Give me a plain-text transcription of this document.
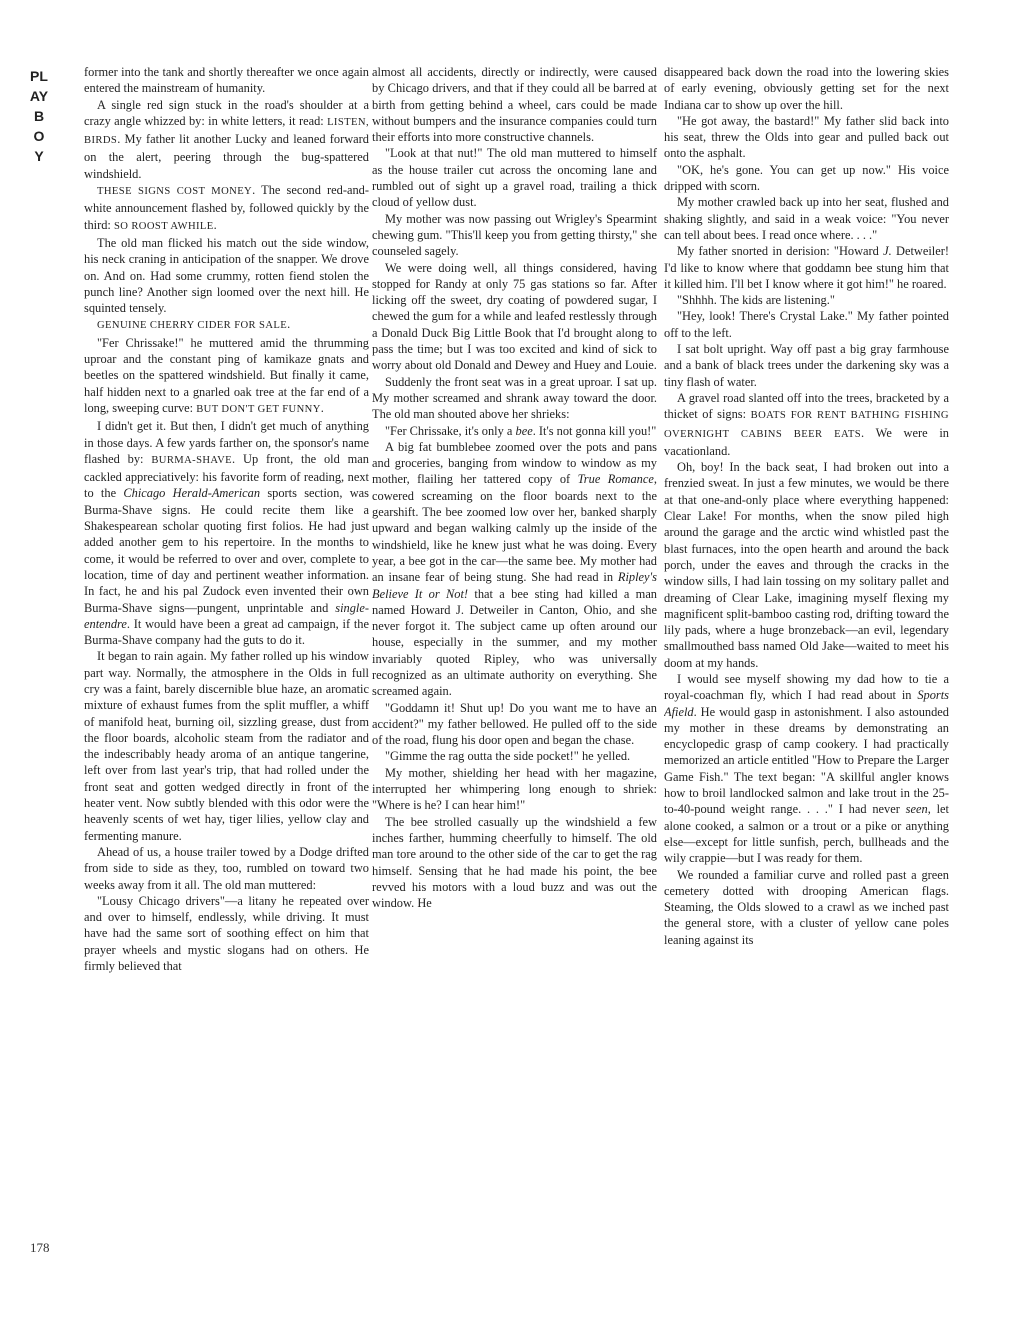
PLAYBOY

former into the tank and shortly thereafter we once again entered the mainstream of humanity.

A single red sign stuck in the road's shoulder at a crazy angle whizzed by: in white letters, it read: LISTEN, BIRDS. My father lit another Lucky and leaned forward on the alert, peering through the bug-spattered windshield.

THESE SIGNS COST MONEY. The second red-and-white announcement flashed by, followed quickly by the third: SO ROOST AWHILE.

The old man flicked his match out the side window, his neck craning in anticipation of the snapper. We drove on. And on. Had some crummy, rotten fiend stolen the punch line? Another sign loomed over the next hill. He squinted tensely.

GENUINE CHERRY CIDER FOR SALE.

"Fer Chrissake!" he muttered amid the thrumming uproar and the constant ping of kamikaze gnats and beetles on the spattered windshield. But finally it came, half hidden next to a gnarled oak tree at the far end of a long, sweeping curve: BUT DON'T GET FUNNY.

I didn't get it. But then, I didn't get much of anything in those days. A few yards farther on, the sponsor's name flashed by: BURMA-SHAVE. Up front, the old man cackled appreciatively: his favorite form of reading, next to the Chicago Herald-American sports section, was Burma-Shave signs. He could recite them like a Shakespearean scholar quoting first folios. He had just added another gem to his repertoire. In the months to come, it would be referred to over and over, complete to location, time of day and pertinent weather information. In fact, he and his pal Zudock even invented their own Burma-Shave signs—pungent, unprintable and single-entendre. It would have been a great ad campaign, if the Burma-Shave company had the guts to do it.

It began to rain again. My father rolled up his window part way. Normally, the atmosphere in the Olds in full cry was a faint, barely discernible blue haze, an aromatic mixture of exhaust fumes from the split muffler, a whiff of manifold heat, burning oil, sizzling grease, dust from the floor boards, alcoholic steam from the radiator and the indescribably heady aroma of an antique tangerine, left over from last year's trip, that had rolled under the front seat and gotten wedged directly in front of the heater vent. Now subtly blended with this odor were the heavenly scents of wet hay, tiger lilies, yellow clay and fermenting manure.

Ahead of us, a house trailer towed by a Dodge drifted from side to side as they, too, rumbled on toward two weeks away from it all. The old man muttered:

"Lousy Chicago drivers"—a litany he repeated over and over to himself, endlessly, while driving. It must have had the same sort of soothing effect on him that prayer wheels and mystic slogans had on others. He firmly believed that

almost all accidents, directly or indirectly, were caused by Chicago drivers, and that if they could all be barred at birth from getting behind a wheel, cars could be made without bumpers and the insurance companies could turn their efforts into more constructive channels.

"Look at that nut!" The old man muttered to himself as the house trailer cut across the oncoming lane and rumbled out of sight up a gravel road, trailing a thick cloud of yellow dust.

My mother was now passing out Wrigley's Spearmint chewing gum. "This'll keep you from getting thirsty," she counseled sagely.

We were doing well, all things considered, having stopped for Randy at only 75 gas stations so far. After licking off the sweet, dry coating of powdered sugar, I chewed the gum for a while and leafed restlessly through a Donald Duck Big Little Book that I'd brought along to pass the time; but I was too excited and kind of sick to worry about old Donald and Dewey and Huey and Louie.

Suddenly the front seat was in a great uproar. I sat up. My mother screamed and shrank away toward the door. The old man shouted above her shrieks:

"Fer Chrissake, it's only a bee. It's not gonna kill you!"

A big fat bumblebee zoomed over the pots and pans and groceries, banging from window to window as my mother, flailing her tattered copy of True Romance, cowered screaming on the floor boards next to the gearshift. The bee zoomed low over her, banked sharply upward and began walking calmly up the inside of the windshield, like he knew just what he was doing. Every year, a bee got in the car—the same bee. My mother had an insane fear of being stung. She had read in Ripley's Believe It or Not! that a bee sting had killed a man named Howard J. Detweiler in Canton, Ohio, and she never forgot it. The subject came up often around our house, especially in the summer, and my mother invariably quoted Ripley, who was universally recognized as an ultimate authority on everything. She screamed again.

"Goddamn it! Shut up! Do you want me to have an accident?" my father bellowed. He pulled off to the side of the road, flung his door open and began the chase.

"Gimme the rag outta the side pocket!" he yelled.

My mother, shielding her head with her magazine, interrupted her whimpering long enough to shriek: "Where is he? I can hear him!"

The bee strolled casually up the windshield a few inches farther, humming cheerfully to himself. The old man tore around to the other side of the car to get the rag himself. Sensing that he had made his point, the bee revved his motors with a loud buzz and was out the window. He

disappeared back down the road into the lowering skies of early evening, obviously getting set for the next Indiana car to show up over the hill.

"He got away, the bastard!" My father slid back into his seat, threw the Olds into gear and pulled back out onto the asphalt.

"OK, he's gone. You can get up now." His voice dripped with scorn.

My mother crawled back up into her seat, flushed and shaking slightly, and said in a weak voice: "You never can tell about bees. I read once where. . . ."

My father snorted in derision: "Howard J. Detweiler! I'd like to know where that goddamn bee stung him that it killed him. I'll bet I know where it got him!" he roared.

"Shhhh. The kids are listening."

"Hey, look! There's Crystal Lake." My father pointed off to the left.

I sat bolt upright. Way off past a big gray farmhouse and a bank of black trees under the darkening sky was a tiny flash of water.

A gravel road slanted off into the trees, bracketed by a thicket of signs: BOATS FOR RENT BATHING FISHING OVERNIGHT CABINS BEER EATS. We were in vacationland.

Oh, boy! In the back seat, I had broken out into a frenzied sweat. In just a few minutes, we would be there at that one-and-only place where everything happened: Clear Lake! For months, when the snow piled high around the garage and the arctic wind whistled past the blast furnaces, into the open hearth and around the back porch, under the eaves and through the cracks in the window sills, I had lain tossing on my solitary pallet and dreaming of Clear Lake, imagining myself flexing my magnificent split-bamboo casting rod, drifting toward the lily pads, where a huge bronzeback—an evil, legendary smallmouthed bass named Old Jake—waited to meet his doom at my hands.

I would see myself showing my dad how to tie a royal-coachman fly, which I had read about in Sports Afield. He would gasp in astonishment. I also astounded my mother in these dreams by demonstrating an encyclopedic grasp of camp cookery. I had practically memorized an article entitled "How to Prepare the Larger Game Fish." The text began: "A skillful angler knows how to broil landlocked salmon and lake trout in the 25-to-40-pound weight range. . . ." I had never seen, let alone cooked, a salmon or a trout or a pike or anything else—except for little sunfish, perch, bullheads and the wily crappie—but I was ready for them.

We rounded a familiar curve and rolled past a green cemetery dotted with drooping American flags. Steaming, the Olds slowed to a crawl as we inched past the general store, with a cluster of yellow cane poles leaning against its

178
